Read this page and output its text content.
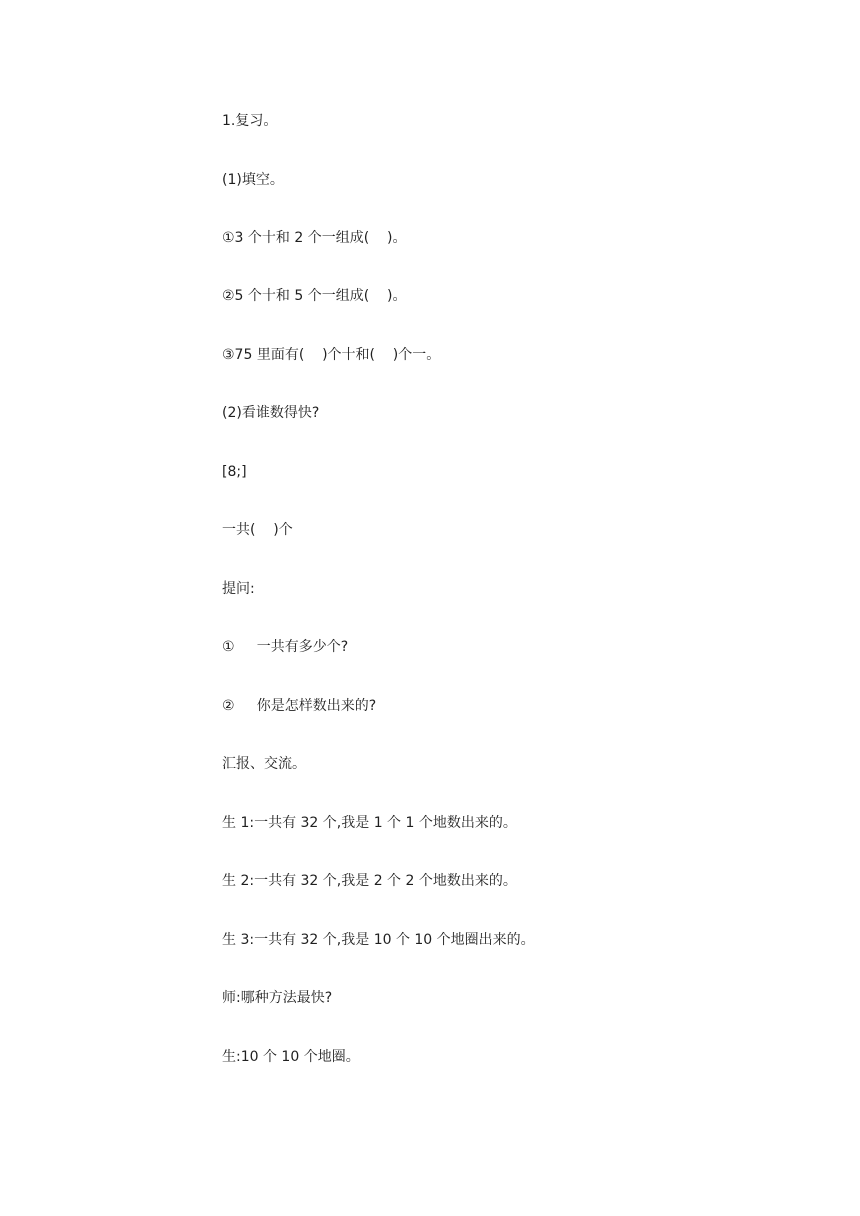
1.复习。

(1)填空。

①3 个十和 2 个一组成(    )。

②5 个十和 5 个一组成(    )。

③75 里面有(    )个十和(    )个一。

(2)看谁数得快?

[8;]

一共(    )个

提问:

①     一共有多少个?

②     你是怎样数出来的?

汇报、交流。

生 1:一共有 32 个,我是 1 个 1 个地数出来的。

生 2:一共有 32 个,我是 2 个 2 个地数出来的。

生 3:一共有 32 个,我是 10 个 10 个地圈出来的。

师:哪种方法最快?

生:10 个 10 个地圈。
